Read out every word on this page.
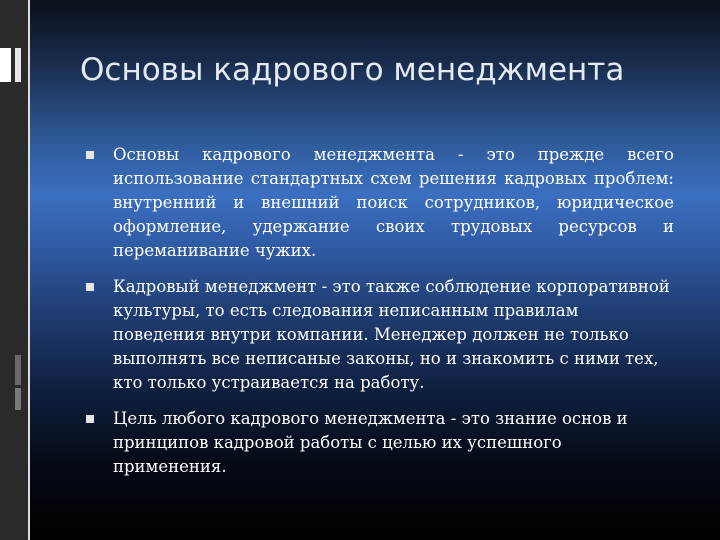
Основы кадрового менеджмента
Основы кадрового менеджмента - это прежде всего использование стандартных схем решения кадровых проблем: внутренний и внешний поиск сотрудников, юридическое оформление, удержание своих трудовых ресурсов и переманивание чужих.
Кадровый менеджмент - это также соблюдение корпоративной культуры, то есть следования неписанным правилам поведения внутри компании. Менеджер должен не только выполнять все неписаные законы, но и знакомить с ними тех, кто только устраивается на работу.
Цель любого кадрового менеджмента - это знание основ и принципов кадровой работы с целью их успешного применения.
